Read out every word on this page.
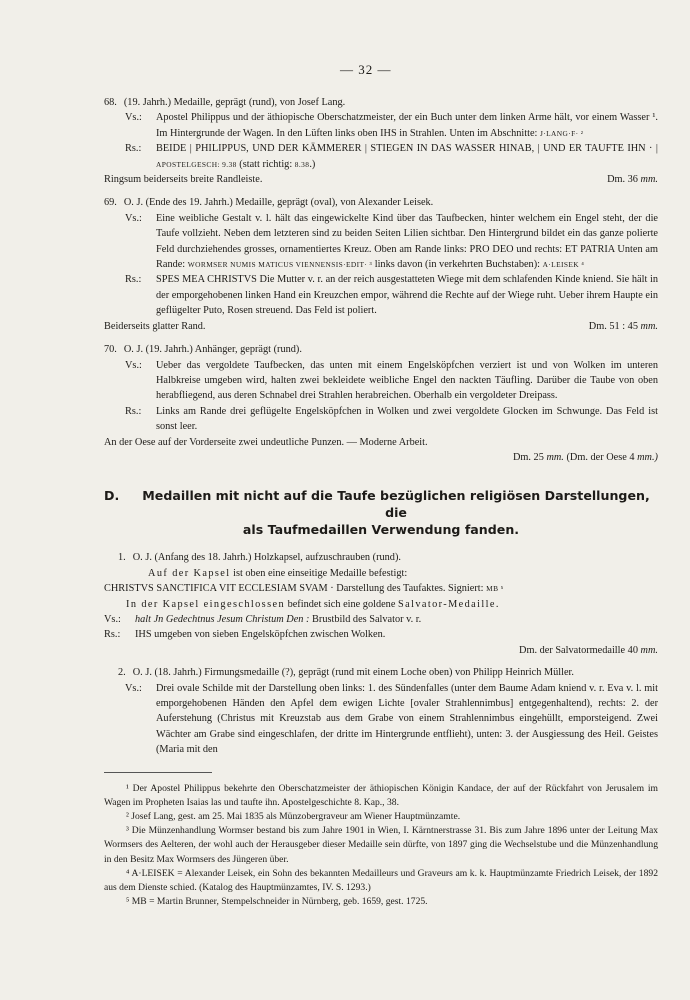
— 32 —
68. (19. Jahrh.) Medaille, geprägt (rund), von Josef Lang.
Vs.:	Apostel Philippus und der äthiopische Oberschatzmeister, der ein Buch unter dem linken Arme hält, vor einem Wasser ¹. Im Hintergrunde der Wagen. In den Lüften links oben IHS in Strahlen. Unten im Abschnitte: J·LANG·F· ²
Rs.:	BEIDE | PHILIPPUS, UND DER KÄMMERER | STIEGEN IN DAS WASSER HINAB, | UND ER TAUFTE IHN · | APOSTELGESCH: 9.38 (statt richtig: 8.38.)
Ringsum beiderseits breite Randleiste.	Dm. 36 mm.
69. O. J. (Ende des 19. Jahrh.) Medaille, geprägt (oval), von Alexander Leisek.
Vs.:	Eine weibliche Gestalt v. l. hält das eingewickelte Kind über das Taufbecken, hinter welchem ein Engel steht, der die Taufe vollzieht. Neben dem letzteren sind zu beiden Seiten Lilien sichtbar. Den Hintergrund bildet ein das ganze polierte Feld durchziehendes grosses, ornamentiertes Kreuz. Oben am Rande links: PRO DEO und rechts: ET PATRIA Unten am Rande: WORMSER NUMIS MATICUS VIENNENSIS·EDIT· ³ links davon (in verkehrten Buchstaben): A·LEISEK ⁴
Rs.:	SPES MEA CHRISTVS Die Mutter v. r. an der reich ausgestatteten Wiege mit dem schlafenden Kinde kniend. Sie hält in der emporgehobenen linken Hand ein Kreuzchen empor, während die Rechte auf der Wiege ruht. Ueber ihrem Haupte ein geflügelter Puto, Rosen streuend. Das Feld ist poliert.
Beiderseits glatter Rand.	Dm. 51 : 45 mm.
70. O. J. (19. Jahrh.) Anhänger, geprägt (rund).
Vs.:	Ueber das vergoldete Taufbecken, das unten mit einem Engelsköpfchen verziert ist und von Wolken im unteren Halbkreise umgeben wird, halten zwei bekleidete weibliche Engel den nackten Täufling. Darüber die Taube von oben herabfliegend, aus deren Schnabel drei Strahlen herabreichen. Oberhalb ein vergoldeter Dreipass.
Rs.:	Links am Rande drei geflügelte Engelsköpfchen in Wolken und zwei vergoldete Glocken im Schwunge. Das Feld ist sonst leer.
An der Oese auf der Vorderseite zwei undeutliche Punzen. — Moderne Arbeit.
Dm. 25 mm. (Dm. der Oese 4 mm.)
D.	Medaillen mit nicht auf die Taufe bezüglichen religiösen Darstellungen, die
als Taufmedaillen Verwendung fanden.
1. O. J. (Anfang des 18. Jahrh.) Holzkapsel, aufzuschrauben (rund).
Auf der Kapsel ist oben eine einseitige Medaille befestigt:
CHRISTVS SANCTIFICA VIT ECCLESIAM SVAM · Darstellung des Taufaktes. Signiert: MB ⁵
In der Kapsel eingeschlossen befindet sich eine goldene Salvator-Medaille.
Vs.:	halt Jn Gedechtnus Jesum Christum Den : Brustbild des Salvator v. r.
Rs.:	IHS umgeben von sieben Engelsköpfchen zwischen Wolken.
Dm. der Salvatormedaille 40 mm.
2. O. J. (18. Jahrh.) Firmungsmedaille (?), geprägt (rund mit einem Loche oben) von Philipp Heinrich Müller.
Vs.:	Drei ovale Schilde mit der Darstellung oben links: 1. des Sündenfalles (unter dem Baume Adam kniend v. r. Eva v. l. mit emporgehobenen Händen den Apfel dem ewigen Lichte [ovaler Strahlennimbus] entgegenhaltend), rechts: 2. der Auferstehung (Christus mit Kreuzstab aus dem Grabe von einem Strahlennimbus eingehüllt, emporsteigend. Zwei Wächter am Grabe sind eingeschlafen, der dritte im Hintergrunde entflieht), unten: 3. der Ausgiessung des Heil. Geistes (Maria mit den
¹ Der Apostel Philippus bekehrte den Oberschatzmeister der äthiopischen Königin Kandace, der auf der Rückfahrt von Jerusalem im Wagen im Propheten Isaias las und taufte ihn. Apostelgeschichte 8. Kap., 38.
² Josef Lang, gest. am 25. Mai 1835 als Münzobergraveur am Wiener Hauptmünzamte.
³ Die Münzenhandlung Wormser bestand bis zum Jahre 1901 in Wien, I. Kärntnerstrasse 31. Bis zum Jahre 1896 unter der Leitung Max Wormsers des Aelteren, der wohl auch der Herausgeber dieser Medaille sein dürfte, von 1897 ging die Wechselstube und die Münzenhandlung in den Besitz Max Wormsers des Jüngeren über.
⁴ A·LEISEK = Alexander Leisek, ein Sohn des bekannten Medailleurs und Graveurs am k. k. Hauptmünzamte Friedrich Leisek, der 1892 aus dem Dienste schied. (Katalog des Hauptmünzamtes, IV. S. 1293.)
⁵ MB = Martin Brunner, Stempelschneider in Nürnberg, geb. 1659, gest. 1725.
